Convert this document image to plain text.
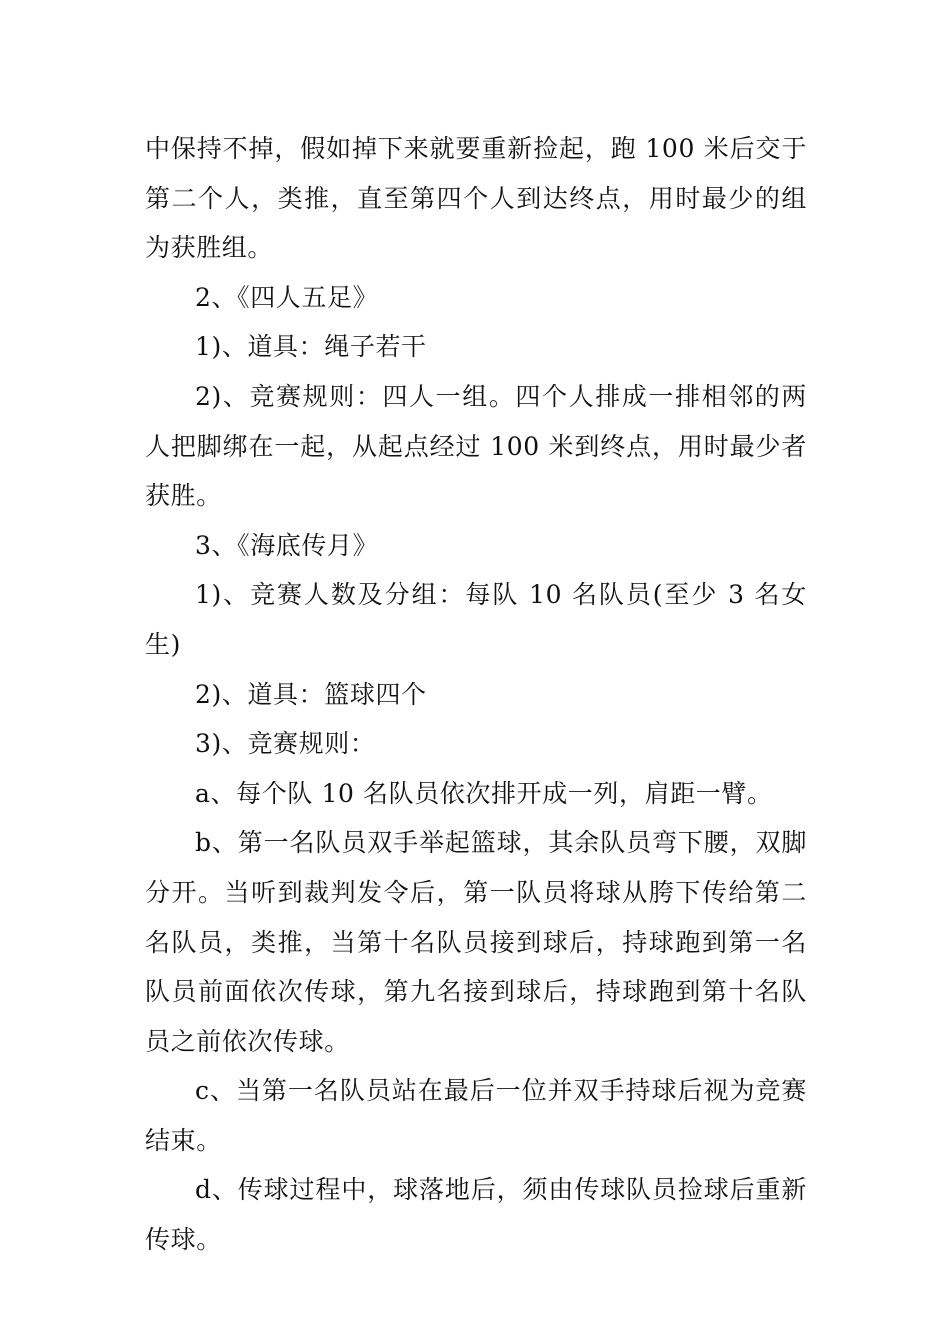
中保持不掉，假如掉下来就要重新捡起，跑 100 米后交于第二个人，类推，直至第四个人到达终点，用时最少的组为获胜组。

2、《四人五足》

1)、道具：绳子若干

2)、竞赛规则：四人一组。四个人排成一排相邻的两人把脚绑在一起，从起点经过 100 米到终点，用时最少者获胜。

3、《海底传月》

1)、竞赛人数及分组：每队 10 名队员(至少 3 名女生)

2)、道具：篮球四个

3)、竞赛规则：

a、每个队 10 名队员依次排开成一列，肩距一臂。

b、第一名队员双手举起篮球，其余队员弯下腰，双脚分开。当听到裁判发令后，第一队员将球从胯下传给第二名队员，类推，当第十名队员接到球后，持球跑到第一名队员前面依次传球，第九名接到球后，持球跑到第十名队员之前依次传球。

c、当第一名队员站在最后一位并双手持球后视为竞赛结束。

d、传球过程中，球落地后，须由传球队员捡球后重新传球。
